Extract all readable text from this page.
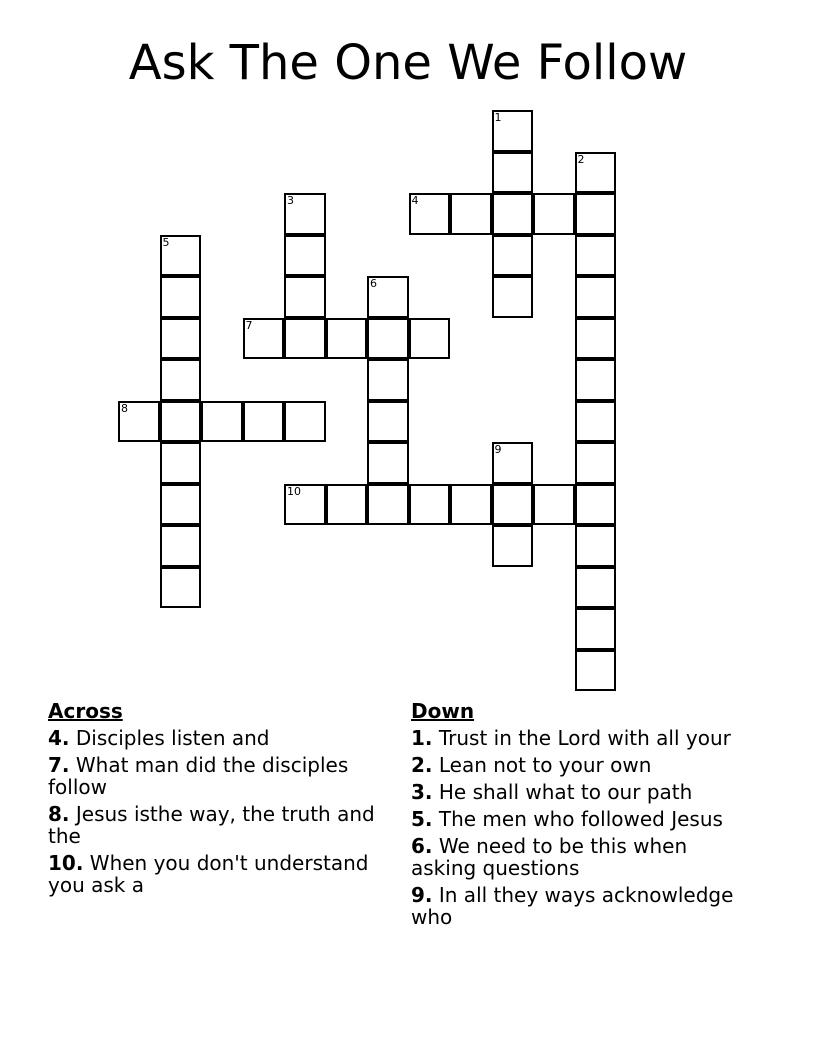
Ask The One We Follow
1
2
3	4
5
6
7
8
9
10
Across
4. Disciples listen and
7. What man did the disciples follow
8. Jesus isthe way, the truth and the
10. When you don't understand you ask a
Down
1. Trust in the Lord with all your
2. Lean not to your own
3. He shall what to our path
5. The men who followed Jesus
6. We need to be this when asking questions
9. In all they ways acknowledge who
